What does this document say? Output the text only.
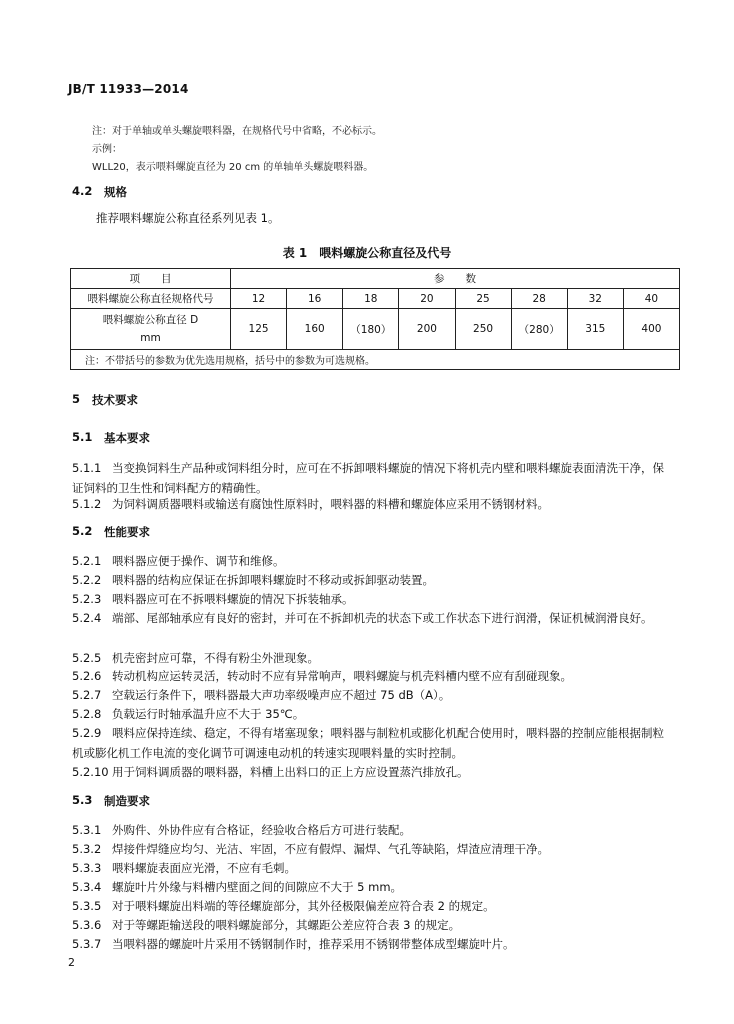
JB/T 11933—2014
注：对于单轴或单头螺旋喂料器，在规格代号中省略，不必标示。
示例：
WLL20，表示喂料螺旋直径为 20 cm 的单轴单头螺旋喂料器。
4.2 规格
推荐喂料螺旋公称直径系列见表 1。
表 1　喂料螺旋公称直径及代号
项　　目	参　　数							
喂料螺旋公称直径规格代号	12	16	18	20	25	28	32	40

喂料螺旋公称直径 D
mm	125	160	（180）	200	250	（280）	315	400
注：不带括号的参数为优先选用规格，括号中的参数为可选规格。								
5 技术要求
5.1 基本要求
5.1.1 当变换饲料生产品种或饲料组分时，应可在不拆卸喂料螺旋的情况下将机壳内壁和喂料螺旋表面清洗干净，保证饲料的卫生性和饲料配方的精确性。
5.1.2 为饲料调质器喂料或输送有腐蚀性原料时，喂料器的料槽和螺旋体应采用不锈钢材料。
5.2 性能要求
5.2.1 喂料器应便于操作、调节和维修。
5.2.2 喂料器的结构应保证在拆卸喂料螺旋时不移动或拆卸驱动装置。
5.2.3 喂料器应可在不拆喂料螺旋的情况下拆装轴承。
5.2.4 端部、尾部轴承应有良好的密封，并可在不拆卸机壳的状态下或工作状态下进行润滑，保证机械润滑良好。
5.2.5 机壳密封应可靠，不得有粉尘外泄现象。
5.2.6 转动机构应运转灵活，转动时不应有异常响声，喂料螺旋与机壳料槽内壁不应有刮碰现象。
5.2.7 空载运行条件下，喂料器最大声功率级噪声应不超过 75 dB（A）。
5.2.8 负载运行时轴承温升应不大于 35℃。
5.2.9 喂料应保持连续、稳定，不得有堵塞现象；喂料器与制粒机或膨化机配合使用时，喂料器的控制应能根据制粒机或膨化机工作电流的变化调节可调速电动机的转速实现喂料量的实时控制。
5.2.10 用于饲料调质器的喂料器，料槽上出料口的正上方应设置蒸汽排放孔。
5.3 制造要求
5.3.1 外购件、外协件应有合格证，经验收合格后方可进行装配。
5.3.2 焊接件焊缝应均匀、光洁、牢固，不应有假焊、漏焊、气孔等缺陷，焊渣应清理干净。
5.3.3 喂料螺旋表面应光滑，不应有毛刺。
5.3.4 螺旋叶片外缘与料槽内壁面之间的间隙应不大于 5 mm。
5.3.5 对于喂料螺旋出料端的等径螺旋部分，其外径极限偏差应符合表 2 的规定。
5.3.6 对于等螺距输送段的喂料螺旋部分，其螺距公差应符合表 3 的规定。
5.3.7 当喂料器的螺旋叶片采用不锈钢制作时，推荐采用不锈钢带整体成型螺旋叶片。
2
